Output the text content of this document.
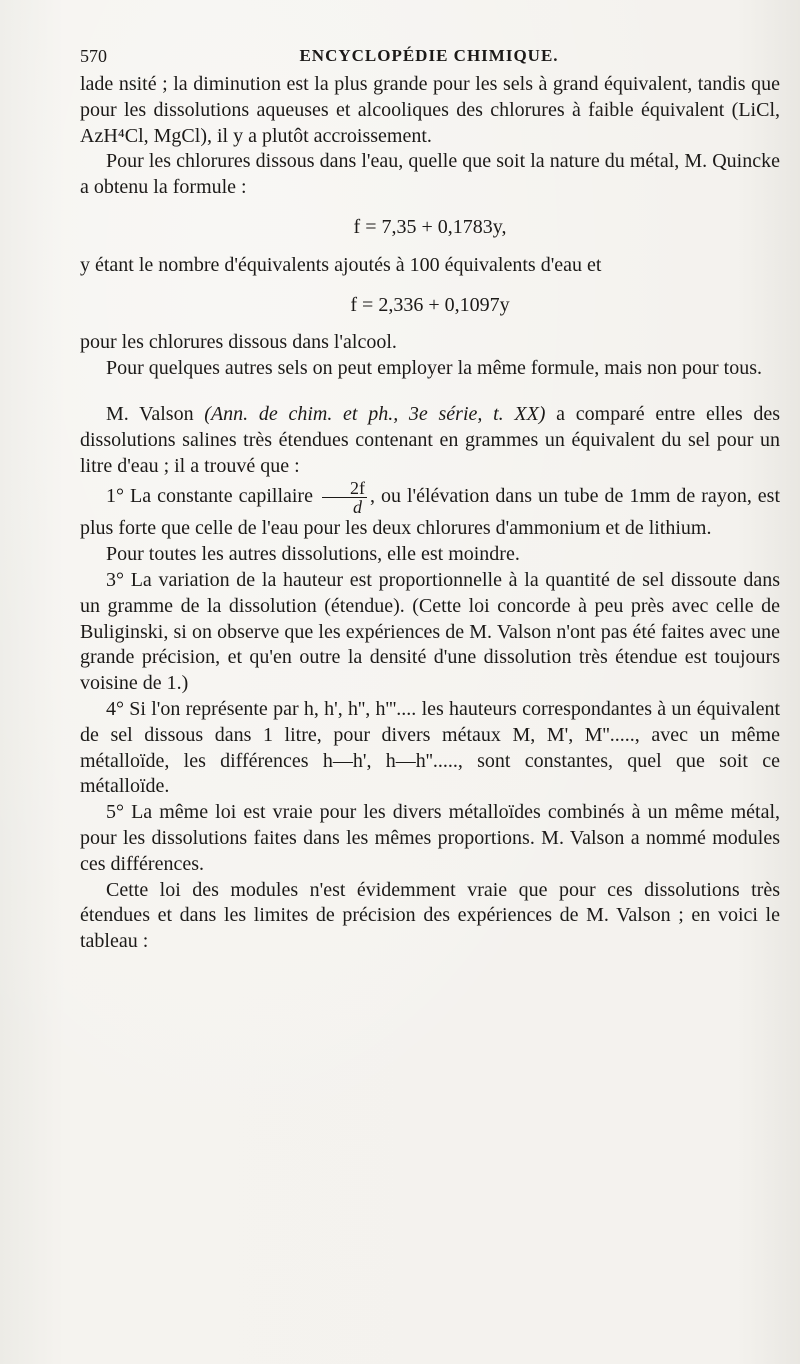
570	ENCYCLOPÉDIE CHIMIQUE.

lade nsité ; la diminution est la plus grande pour les sels à grand équivalent, tandis que pour les dissolutions aqueuses et alcooliques des chlorures à faible équivalent (LiCl, AzH⁴Cl, MgCl), il y a plutôt accroissement.

Pour les chlorures dissous dans l'eau, quelle que soit la nature du métal, M. Quincke a obtenu la formule :

f = 7,35 + 0,1783y,

y étant le nombre d'équivalents ajoutés à 100 équivalents d'eau et

f = 2,336 + 0,1097y

pour les chlorures dissous dans l'alcool.

Pour quelques autres sels on peut employer la même formule, mais non pour tous.

M. Valson (Ann. de chim. et ph., 3e série, t. XX) a comparé entre elles des dissolutions salines très étendues contenant en grammes un équivalent du sel pour un litre d'eau ; il a trouvé que :

1° La constante capillaire $\frac{2f}{d}$ , ou l'élévation dans un tube de 1mm de rayon, est plus forte que celle de l'eau pour les deux chlorures d'ammonium et de lithium.

Pour toutes les autres dissolutions, elle est moindre.

3° La variation de la hauteur est proportionnelle à la quantité de sel dissoute dans un gramme de la dissolution (étendue). (Cette loi concorde à peu près avec celle de Buliginski, si on observe que les expériences de M. Valson n'ont pas été faites avec une grande précision, et qu'en outre la densité d'une dissolution très étendue est toujours voisine de 1.)

4° Si l'on représente par h, h', h'', h'''.... les hauteurs correspondantes à un équivalent de sel dissous dans 1 litre, pour divers métaux M, M', M''....., avec un même métalloïde, les différences h—h', h—h''....., sont constantes, quel que soit ce métalloïde.

5° La même loi est vraie pour les divers métalloïdes combinés à un même métal, pour les dissolutions faites dans les mêmes proportions. M. Valson a nommé modules ces différences.

Cette loi des modules n'est évidemment vraie que pour ces dissolutions très étendues et dans les limites de précision des expériences de M. Valson ; en voici le tableau :
